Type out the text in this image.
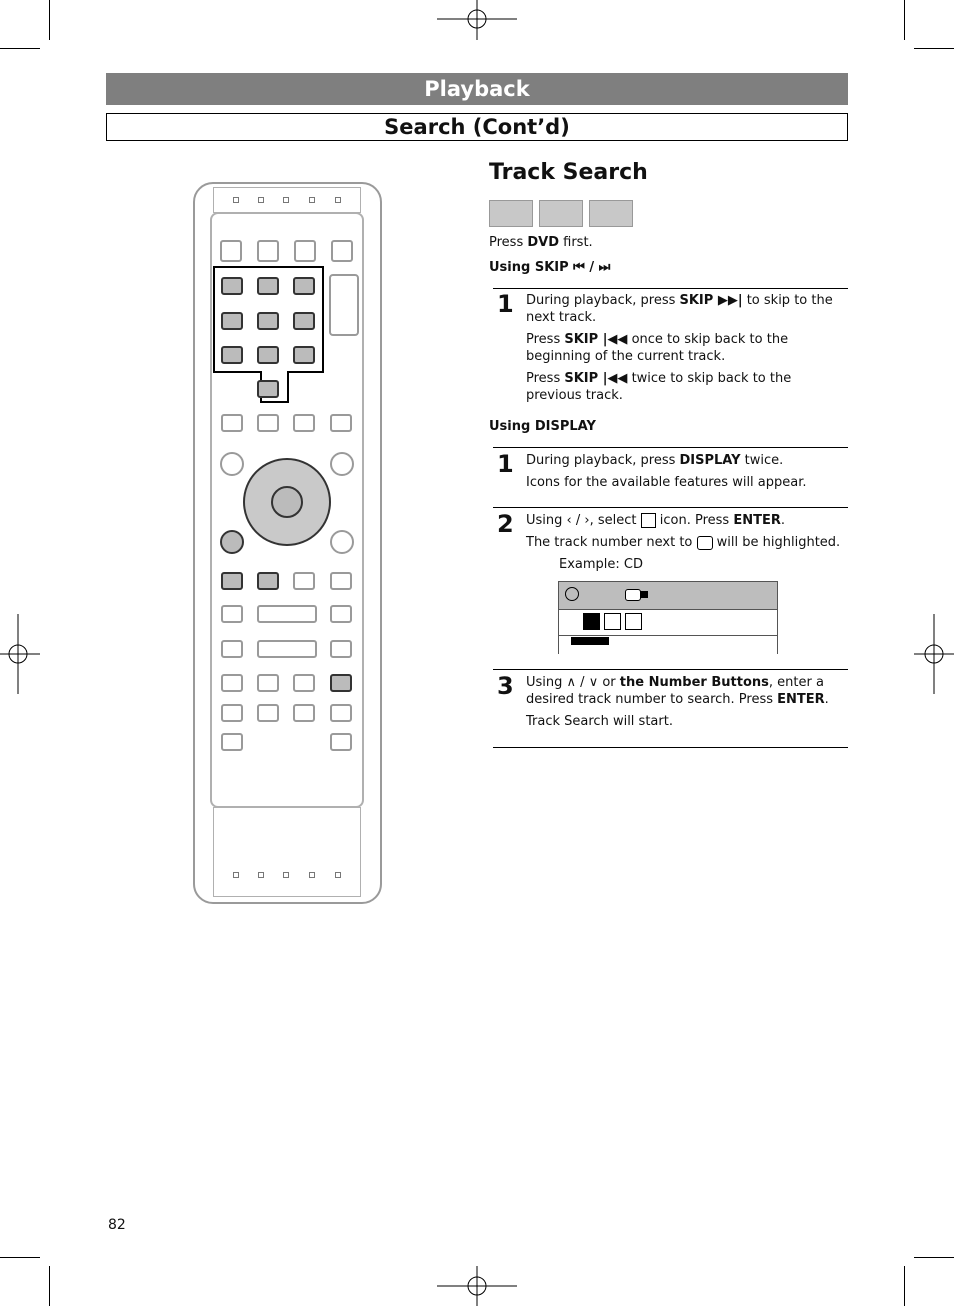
Playback
Search (Cont’d)
Track Search
Press DVD first.
Using SKIP ⏮ / ⏭
1 During playback, press SKIP ▶▶| to skip to the next track.
Press SKIP |◀◀ once to skip back to the beginning of the current track.
Press SKIP |◀◀ twice to skip back to the previous track.
Using DISPLAY
1 During playback, press DISPLAY twice.
Icons for the available features will appear.
2 Using ‹ / ›, select  icon. Press ENTER.
The track number next to  will be highlighted.
Example: CD
3 Using ∧ / ∨ or the Number Buttons, enter a desired track number to search. Press ENTER.
Track Search will start.
82
